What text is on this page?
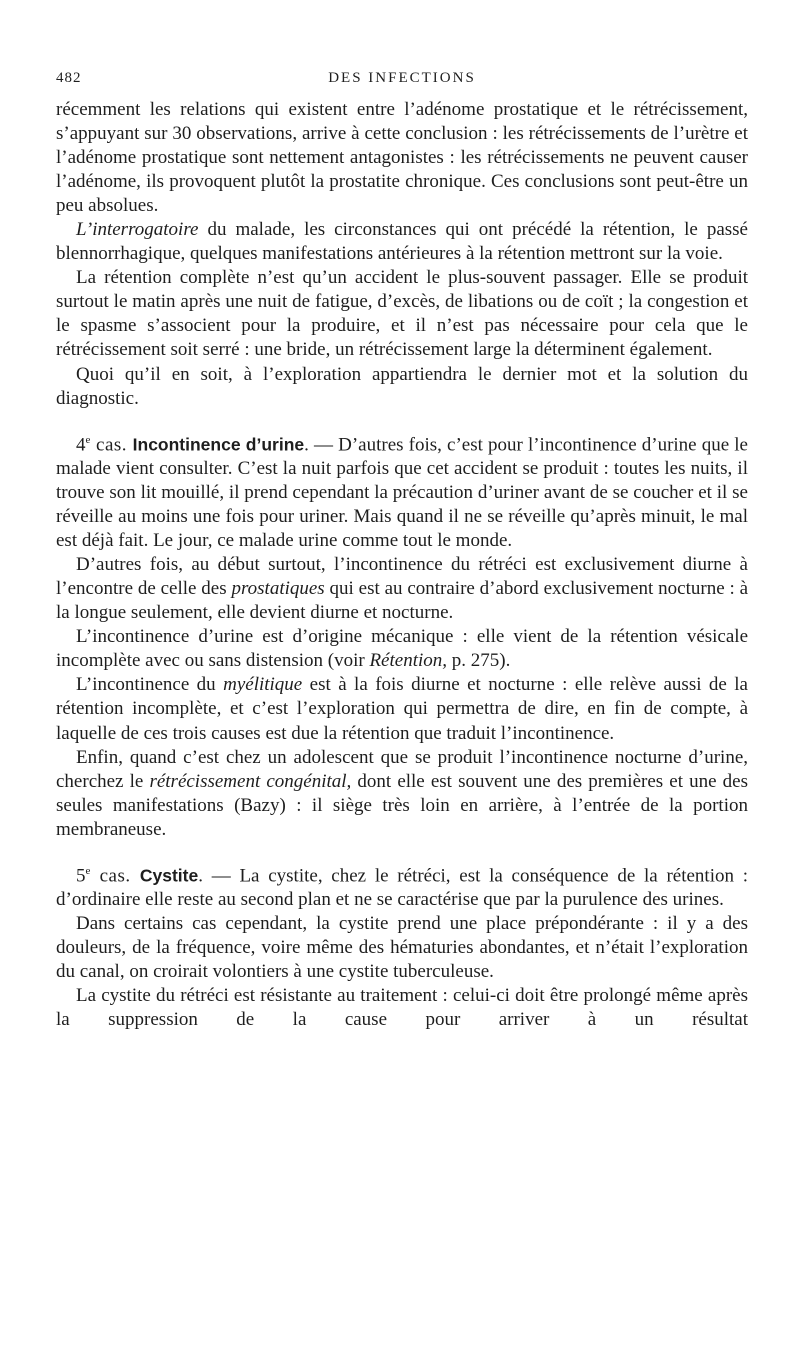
482	DES INFECTIONS

récemment les relations qui existent entre l’adénome prostatique et le rétrécissement, s’appuyant sur 30 observations, arrive à cette conclusion : les rétrécissements de l’urètre et l’adénome prostatique sont nettement antagonistes : les rétrécissements ne peuvent causer l’adénome, ils provoquent plutôt la prostatite chronique. Ces conclusions sont peut-être un peu absolues.

L’interrogatoire du malade, les circonstances qui ont précédé la rétention, le passé blennorrhagique, quelques manifestations antérieures à la rétention mettront sur la voie.

La rétention complète n’est qu’un accident le plus-souvent passager. Elle se produit surtout le matin après une nuit de fatigue, d’excès, de libations ou de coït ; la congestion et le spasme s’associent pour la produire, et il n’est pas nécessaire pour cela que le rétrécissement soit serré : une bride, un rétrécissement large la déterminent également.

Quoi qu’il en soit, à l’exploration appartiendra le dernier mot et la solution du diagnostic.

4e cas. Incontinence d’urine. — D’autres fois, c’est pour l’incontinence d’urine que le malade vient consulter. C’est la nuit parfois que cet accident se produit : toutes les nuits, il trouve son lit mouillé, il prend cependant la précaution d’uriner avant de se coucher et il se réveille au moins une fois pour uriner. Mais quand il ne se réveille qu’après minuit, le mal est déjà fait. Le jour, ce malade urine comme tout le monde.

D’autres fois, au début surtout, l’incontinence du rétréci est exclusivement diurne à l’encontre de celle des prostatiques qui est au contraire d’abord exclusivement nocturne : à la longue seulement, elle devient diurne et nocturne.

L’incontinence d’urine est d’origine mécanique : elle vient de la rétention vésicale incomplète avec ou sans distension (voir Rétention, p. 275).

L’incontinence du myélitique est à la fois diurne et nocturne : elle relève aussi de la rétention incomplète, et c’est l’exploration qui permettra de dire, en fin de compte, à laquelle de ces trois causes est due la rétention que traduit l’incontinence.

Enfin, quand c’est chez un adolescent que se produit l’incontinence nocturne d’urine, cherchez le rétrécissement congénital, dont elle est souvent une des premières et une des seules manifestations (Bazy) : il siège très loin en arrière, à l’entrée de la portion membraneuse.

5e cas. Cystite. — La cystite, chez le rétréci, est la conséquence de la rétention : d’ordinaire elle reste au second plan et ne se caractérise que par la purulence des urines.

Dans certains cas cependant, la cystite prend une place prépondérante : il y a des douleurs, de la fréquence, voire même des hématuries abondantes, et n’était l’exploration du canal, on croirait volontiers à une cystite tuberculeuse.

La cystite du rétréci est résistante au traitement : celui-ci doit être prolongé même après la suppression de la cause pour arriver à un résultat
